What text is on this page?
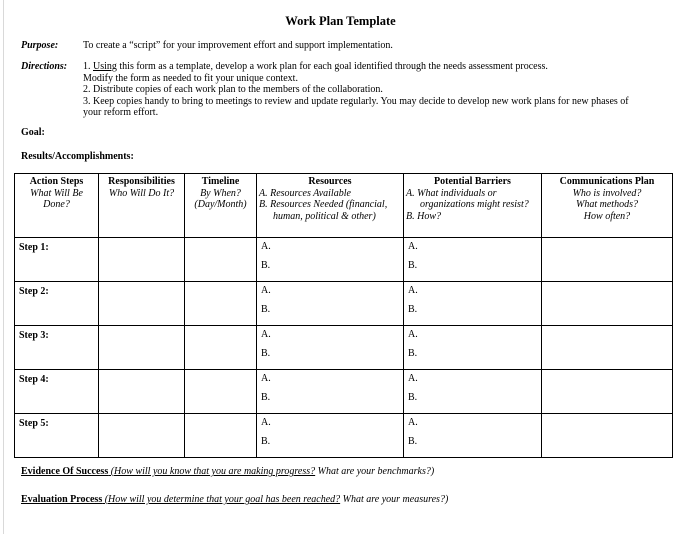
Work Plan Template
Purpose: To create a “script” for your improvement effort and support implementation.
Directions: 1. Using this form as a template, develop a work plan for each goal identified through the needs assessment process.
Modify the form as needed to fit your unique context.
2. Distribute copies of each work plan to the members of the collaboration.
3. Keep copies handy to bring to meetings to review and update regularly. You may decide to develop new work plans for new phases of
your reform effort.
Goal:
Results/Accomplishments:
Action Steps
What Will Be
Done?	Responsibilities
Who Will Do It?	Timeline
By When?
(Day/Month)	Resources
A. Resources Available
B. Resources Needed (financial,
human, political & other)	Potential Barriers
A. What individuals or
organizations might resist?
B. How?	Communications Plan
Who is involved?
What methods?
How often?

Step 1:			A.
B.	A.
B.	

Step 2:			A.
B.	A.
B.	

Step 3:			A.
B.	A.
B.	

Step 4:			A.
B.	A.
B.	

Step 5:			A.
B.	A.
B.	

Evidence Of Success (How will you know that you are making progress? What are your benchmarks?)
Evaluation Process (How will you determine that your goal has been reached? What are your measures?)
